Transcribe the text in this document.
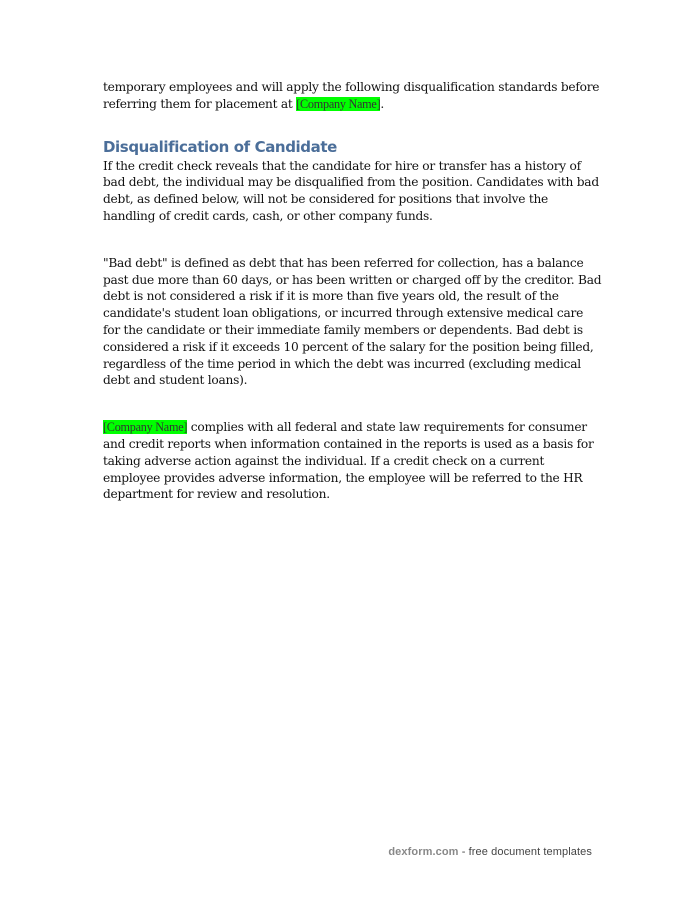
temporary employees and will apply the following disqualification standards before referring them for placement at [Company Name].

Disqualification of Candidate

If the credit check reveals that the candidate for hire or transfer has a history of bad debt, the individual may be disqualified from the position. Candidates with bad debt, as defined below, will not be considered for positions that involve the handling of credit cards, cash, or other company funds.

"Bad debt" is defined as debt that has been referred for collection, has a balance past due more than 60 days, or has been written or charged off by the creditor. Bad debt is not considered a risk if it is more than five years old, the result of the candidate's student loan obligations, or incurred through extensive medical care for the candidate or their immediate family members or dependents. Bad debt is considered a risk if it exceeds 10 percent of the salary for the position being filled, regardless of the time period in which the debt was incurred (excluding medical debt and student loans).

[Company Name] complies with all federal and state law requirements for consumer and credit reports when information contained in the reports is used as a basis for taking adverse action against the individual. If a credit check on a current employee provides adverse information, the employee will be referred to the HR department for review and resolution.

dexform.com - free document templates
